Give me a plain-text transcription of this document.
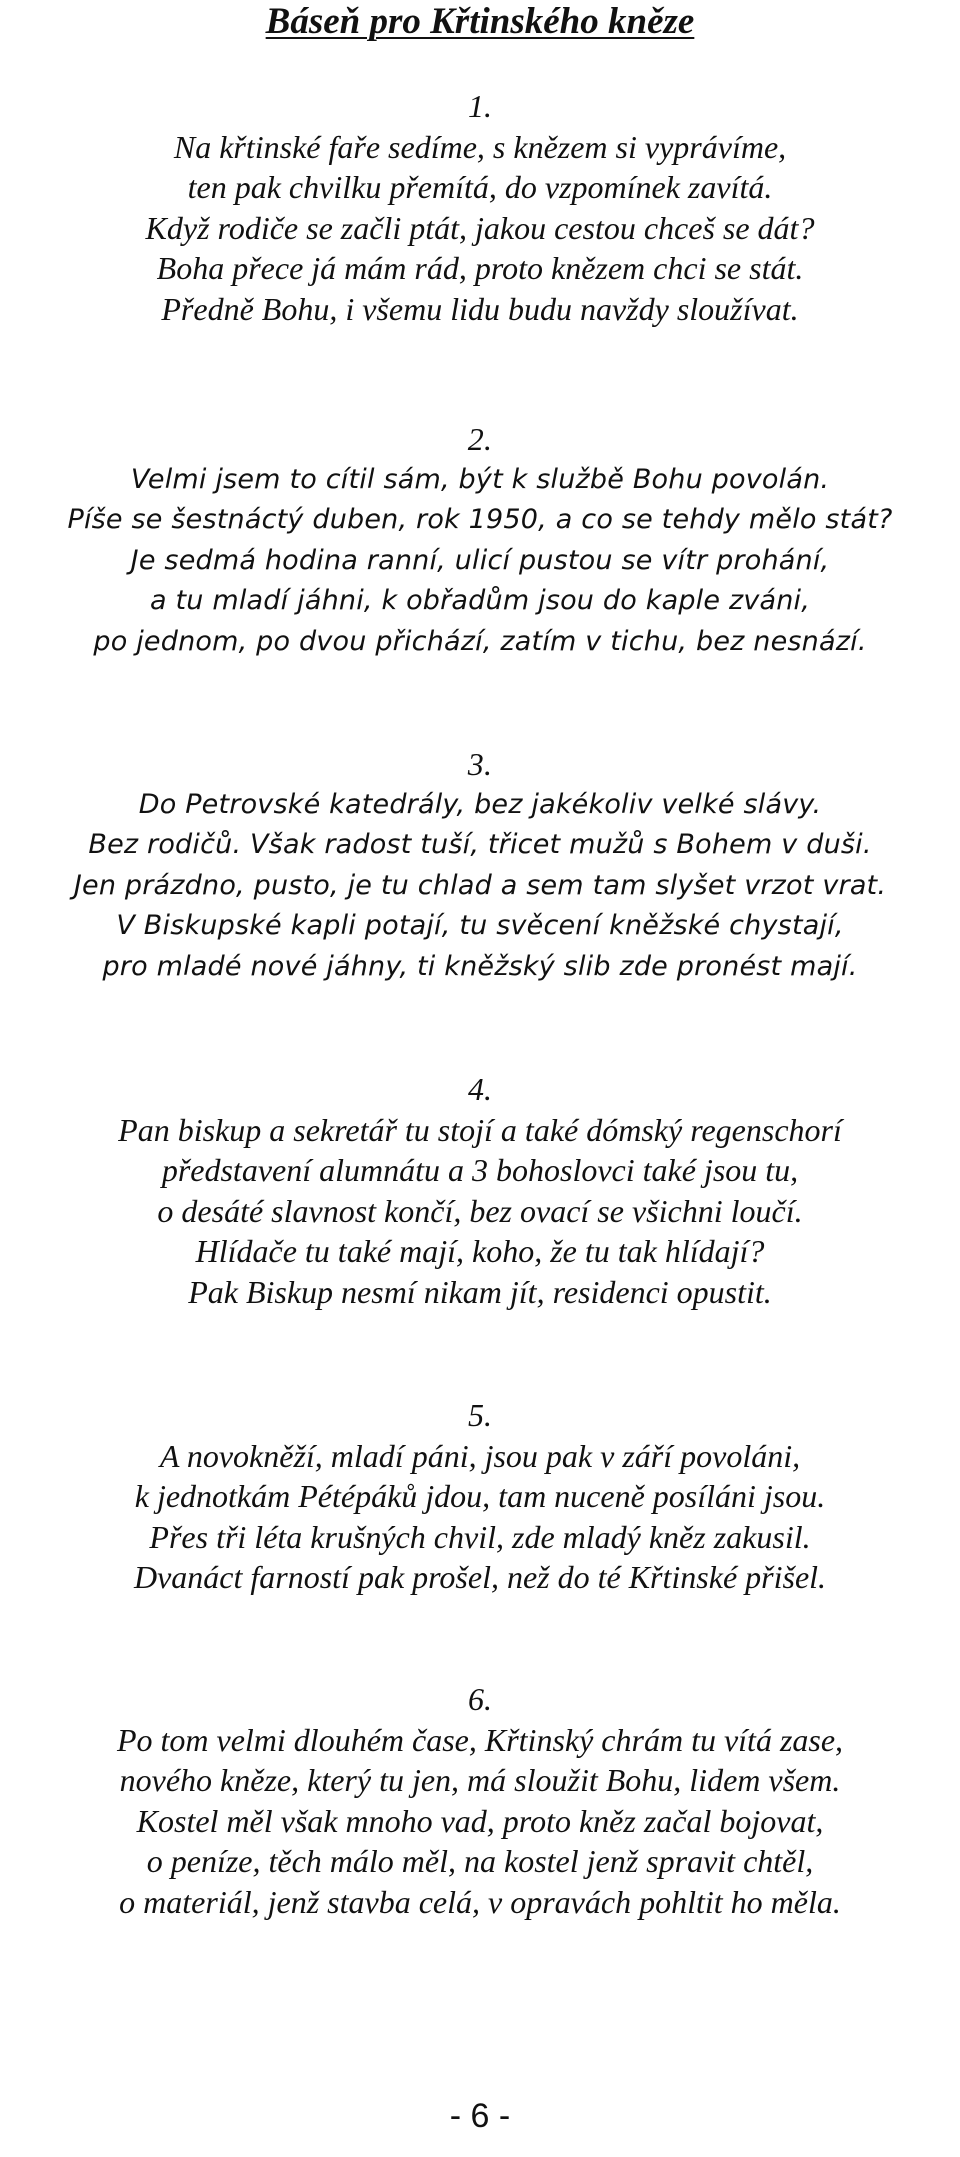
Báseň pro Křtinského kněze
1.
Na křtinské faře sedíme, s knězem si vyprávíme,
ten pak chvilku přemítá, do vzpomínek zavítá.
Když rodiče se začli ptát, jakou cestou chceš se dát?
Boha přece já mám rád, proto knězem chci se stát.
Předně Bohu, i všemu lidu budu navždy sloužívat.
2.
Velmi jsem to cítil sám, být k službě Bohu povolán.
Píše se šestnáctý duben, rok 1950, a co se tehdy mělo stát?
Je sedmá hodina ranní, ulicí pustou se vítr prohání,
a tu mladí jáhni, k obřadům jsou do kaple zváni,
po jednom, po dvou přichází, zatím v tichu, bez nesnází.
3.
Do Petrovské katedrály, bez jakékoliv velké slávy.
Bez rodičů. Však radost tuší, třicet mužů s Bohem v duši.
Jen prázdno, pusto, je tu chlad a sem tam slyšet vrzot vrat.
V Biskupské kapli potají, tu svěcení kněžské chystají,
pro mladé nové jáhny, ti kněžský slib zde pronést mají.
4.
Pan biskup a sekretář tu stojí a také dómský regenschorí
představení alumnátu a 3 bohoslovci také jsou tu,
o desáté slavnost končí, bez ovací se všichni loučí.
Hlídače tu také mají, koho, že tu tak hlídají?
Pak Biskup nesmí nikam jít, residenci opustit.
5.
A novokněží, mladí páni, jsou pak v září povoláni,
k jednotkám Pétépáků jdou, tam nuceně posíláni jsou.
Přes tři léta krušných chvil, zde mladý kněz zakusil.
Dvanáct farností pak prošel, než do té Křtinské přišel.
6.
Po tom velmi dlouhém čase, Křtinský chrám tu vítá zase,
nového kněze, který tu jen, má sloužit Bohu, lidem všem.
Kostel měl však mnoho vad, proto kněz začal bojovat,
o peníze, těch málo měl, na kostel jenž spravit chtěl,
o materiál, jenž stavba celá, v opravách pohltit ho měla.
- 6 -
